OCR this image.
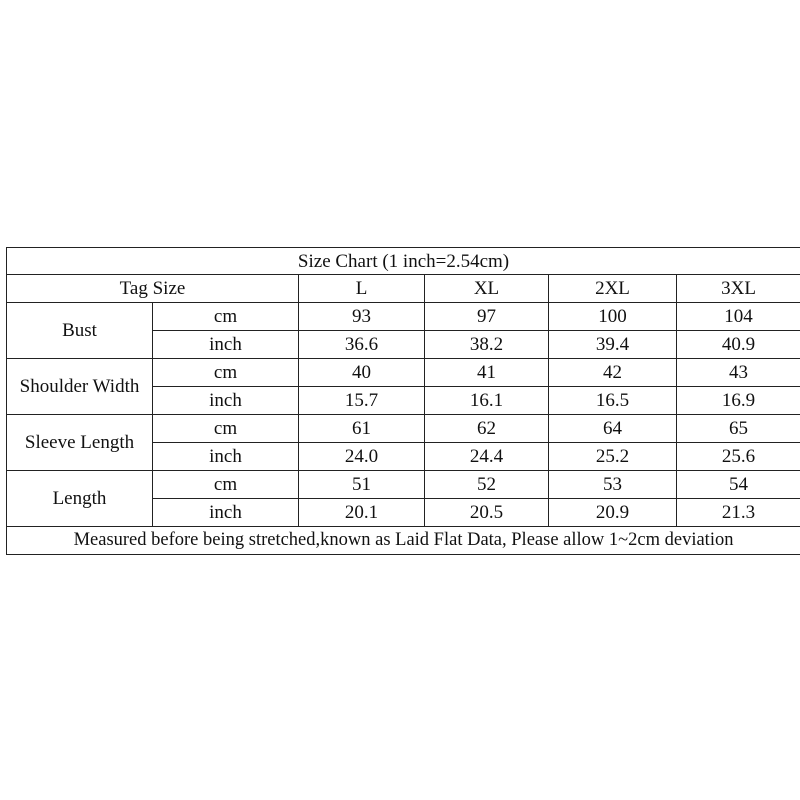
Size Chart (1 inch=2.54cm)					
Tag Size		L	XL	2XL	3XL
Bust	cm	93	97	100	104
	inch	36.6	38.2	39.4	40.9
Shoulder Width	cm	40	41	42	43
	inch	15.7	16.1	16.5	16.9
Sleeve Length	cm	61	62	64	65
	inch	24.0	24.4	25.2	25.6
Length	cm	51	52	53	54
	inch	20.1	20.5	20.9	21.3
Measured before being stretched,known as Laid Flat Data, Please allow 1~2cm deviation					
